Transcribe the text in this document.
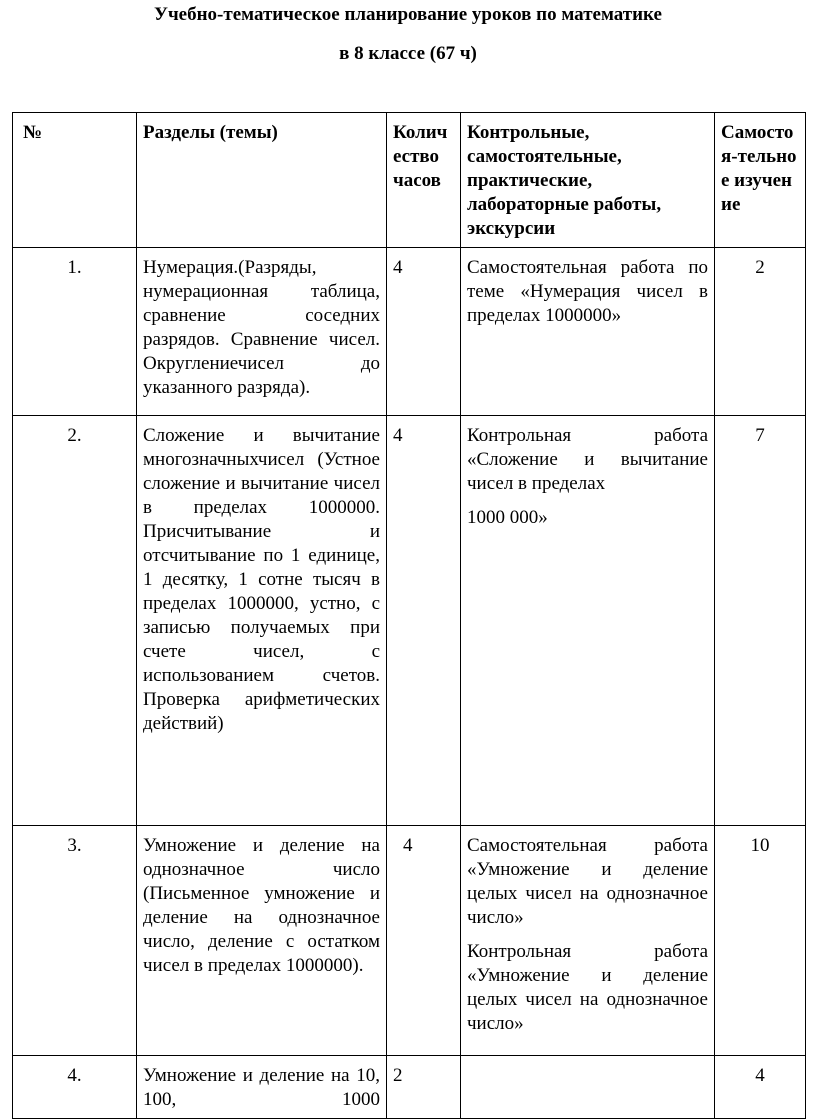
Учебно-тематическое планирование уроков по математике
в 8 классе (67 ч)
№	Разделы (темы)	Количество часов	Контрольные, самостоятельные, практические, лабораторные работы, экскурсии	Самостоя-тельное изучение
1.	Нумерация.(Разряды, нумерационная таблица, сравнение соседних разрядов. Сравнение чисел. Округлениечисел до указанного разряда).	4	Самостоятельная работа по теме «Нумерация чисел в пределах 1000000»	2
2.	Сложение и вычитание многозначныхчисел (Устное сложение и вычитание чисел в пределах 1000000. Присчитывание и отсчитывание по 1 единице, 1 десятку, 1 сотне тысяч в пределах 1000000, устно, с записью получаемых при счете чисел, с использованием счетов. Проверка арифметических действий)	4	Контрольная работа «Сложение и вычитание чисел в пределах

1000 000»	7
3.	Умножение и деление на однозначное число (Письменное умножение и деление на однозначное число, деление с остатком чисел в пределах 1000000).	4	Самостоятельная работа «Умножение и деление целых чисел на однозначное число»

Контрольная работа «Умножение и деление целых чисел на однозначное число»	10
4.	Умножение и деление на 10, 100, 1000	2		4
